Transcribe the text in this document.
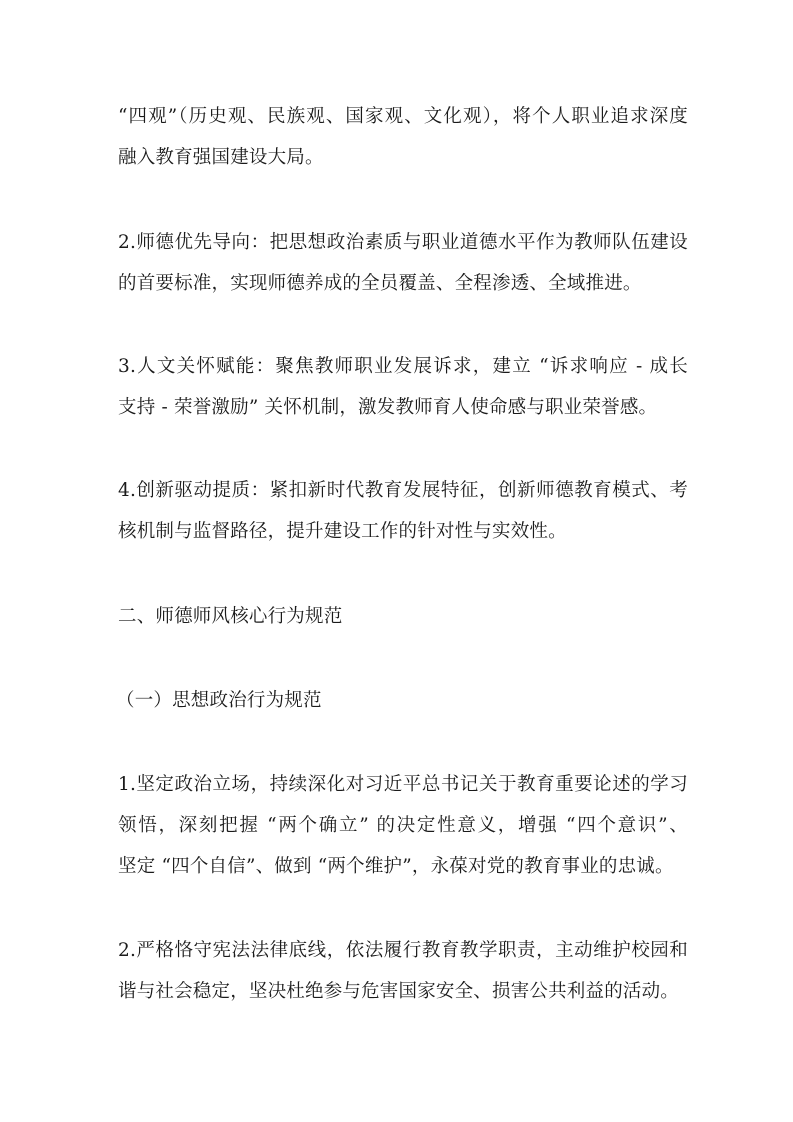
“四观”（历史观、民族观、国家观、文化观），将个人职业追求深度
融入教育强国建设大局。
2.师德优先导向：把思想政治素质与职业道德水平作为教师队伍建设
的首要标准，实现师德养成的全员覆盖、全程渗透、全域推进。
3.人文关怀赋能：聚焦教师职业发展诉求，建立 “诉求响应 - 成长
支持 - 荣誉激励” 关怀机制，激发教师育人使命感与职业荣誉感。
4.创新驱动提质：紧扣新时代教育发展特征，创新师德教育模式、考
核机制与监督路径，提升建设工作的针对性与实效性。
二、师德师风核心行为规范
（一）思想政治行为规范
1.坚定政治立场，持续深化对习近平总书记关于教育重要论述的学习
领悟，深刻把握 “两个确立” 的决定性意义，增强 “四个意识”、
坚定 “四个自信”、做到 “两个维护”，永葆对党的教育事业的忠诚。
2.严格恪守宪法法律底线，依法履行教育教学职责，主动维护校园和
谐与社会稳定，坚决杜绝参与危害国家安全、损害公共利益的活动。
